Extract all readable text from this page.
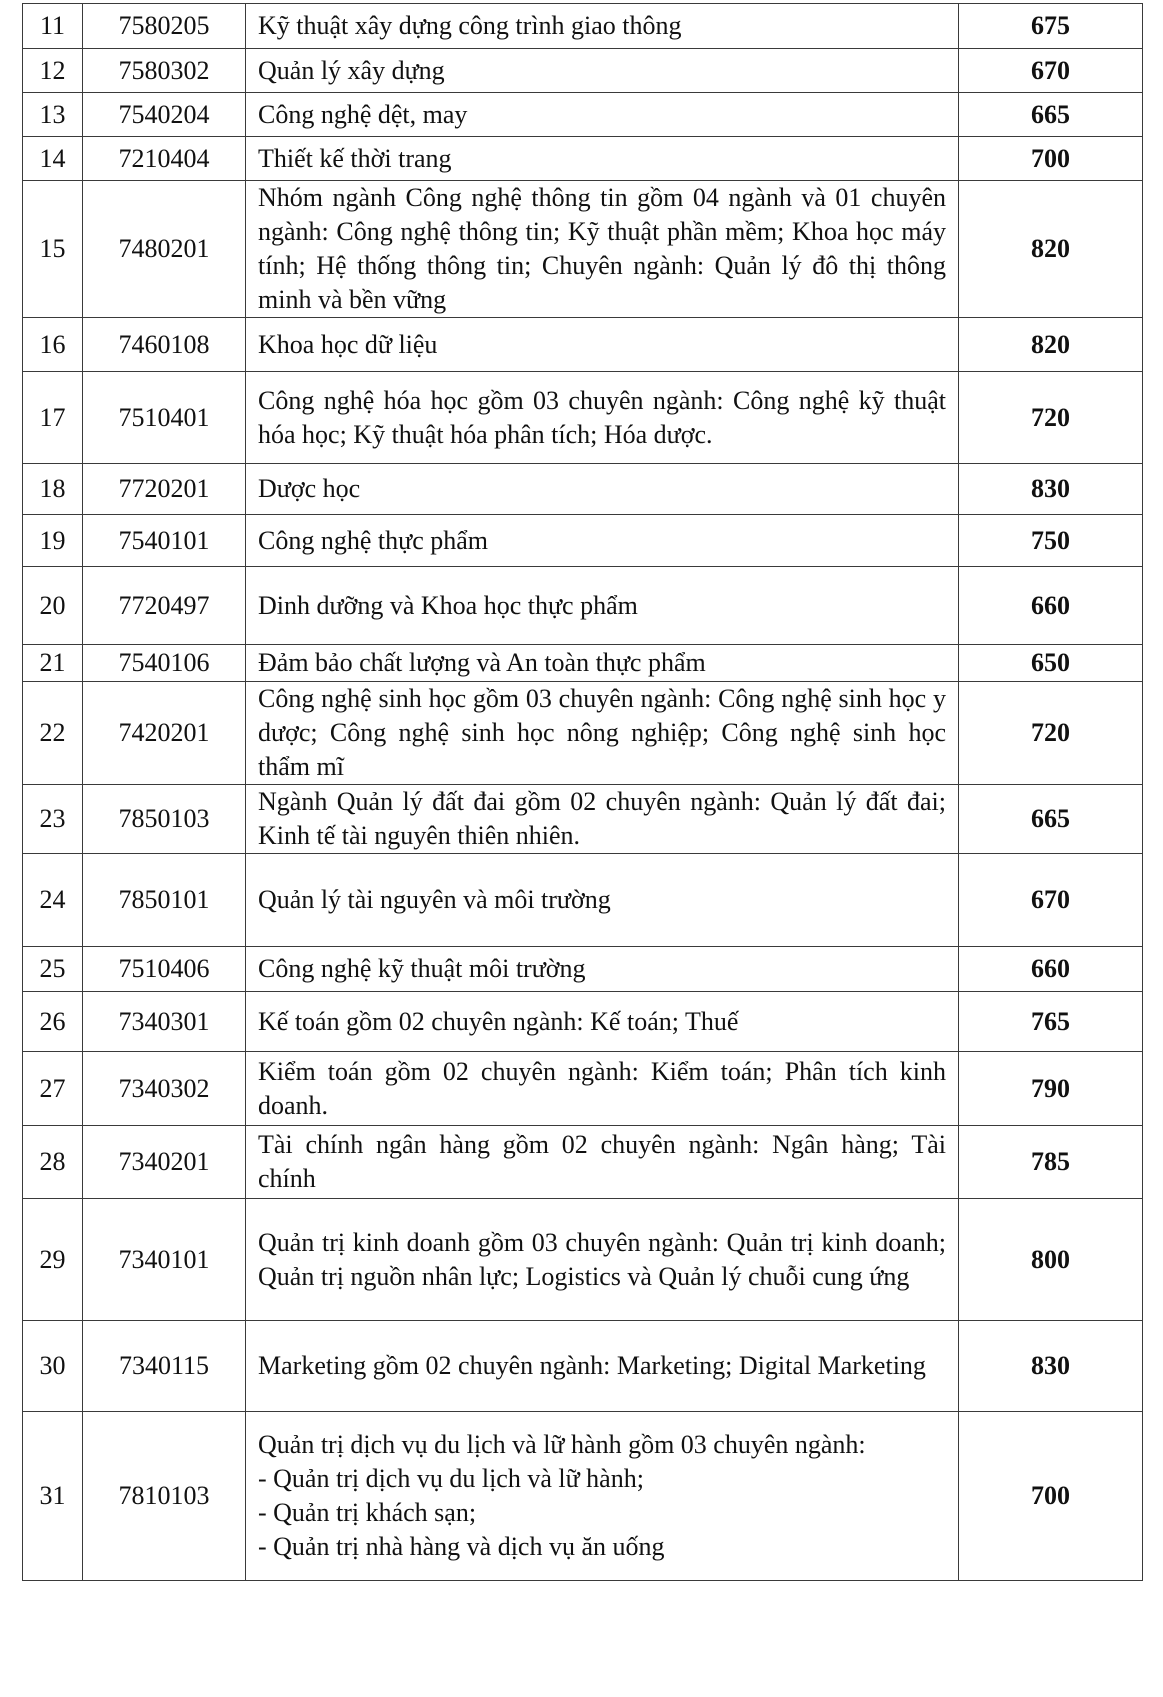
11	7580205	Kỹ thuật xây dựng công trình giao thông	675
12	7580302	Quản lý xây dựng	670
13	7540204	Công nghệ dệt, may	665
14	7210404	Thiết kế thời trang	700
15	7480201	Nhóm ngành Công nghệ thông tin gồm 04 ngành và 01 chuyên ngành: Công nghệ thông tin; Kỹ thuật phần mềm; Khoa học máy tính; Hệ thống thông tin; Chuyên ngành: Quản lý đô thị thông minh và bền vững	820
16	7460108	Khoa học dữ liệu	820
17	7510401	Công nghệ hóa học gồm 03 chuyên ngành: Công nghệ kỹ thuật hóa học; Kỹ thuật hóa phân tích; Hóa dược.	720
18	7720201	Dược học	830
19	7540101	Công nghệ thực phẩm	750
20	7720497	Dinh dưỡng và Khoa học thực phẩm	660
21	7540106	Đảm bảo chất lượng và An toàn thực phẩm	650
22	7420201	Công nghệ sinh học gồm 03 chuyên ngành: Công nghệ sinh học y dược; Công nghệ sinh học nông nghiệp; Công nghệ sinh học thẩm mĩ	720
23	7850103	Ngành Quản lý đất đai gồm 02 chuyên ngành: Quản lý đất đai; Kinh tế tài nguyên thiên nhiên.	665
24	7850101	Quản lý tài nguyên và môi trường	670
25	7510406	Công nghệ kỹ thuật môi trường	660
26	7340301	Kế toán gồm 02 chuyên ngành: Kế toán; Thuế	765
27	7340302	Kiểm toán gồm 02 chuyên ngành: Kiểm toán; Phân tích kinh doanh.	790
28	7340201	Tài chính ngân hàng gồm 02 chuyên ngành: Ngân hàng; Tài chính	785
29	7340101	Quản trị kinh doanh gồm 03 chuyên ngành: Quản trị kinh doanh; Quản trị nguồn nhân lực; Logistics và Quản lý chuỗi cung ứng	800
30	7340115	Marketing gồm 02 chuyên ngành: Marketing; Digital Marketing	830
31	7810103	Quản trị dịch vụ du lịch và lữ hành gồm 03 chuyên ngành:
- Quản trị dịch vụ du lịch và lữ hành;
- Quản trị khách sạn;
- Quản trị nhà hàng và dịch vụ ăn uống	700
